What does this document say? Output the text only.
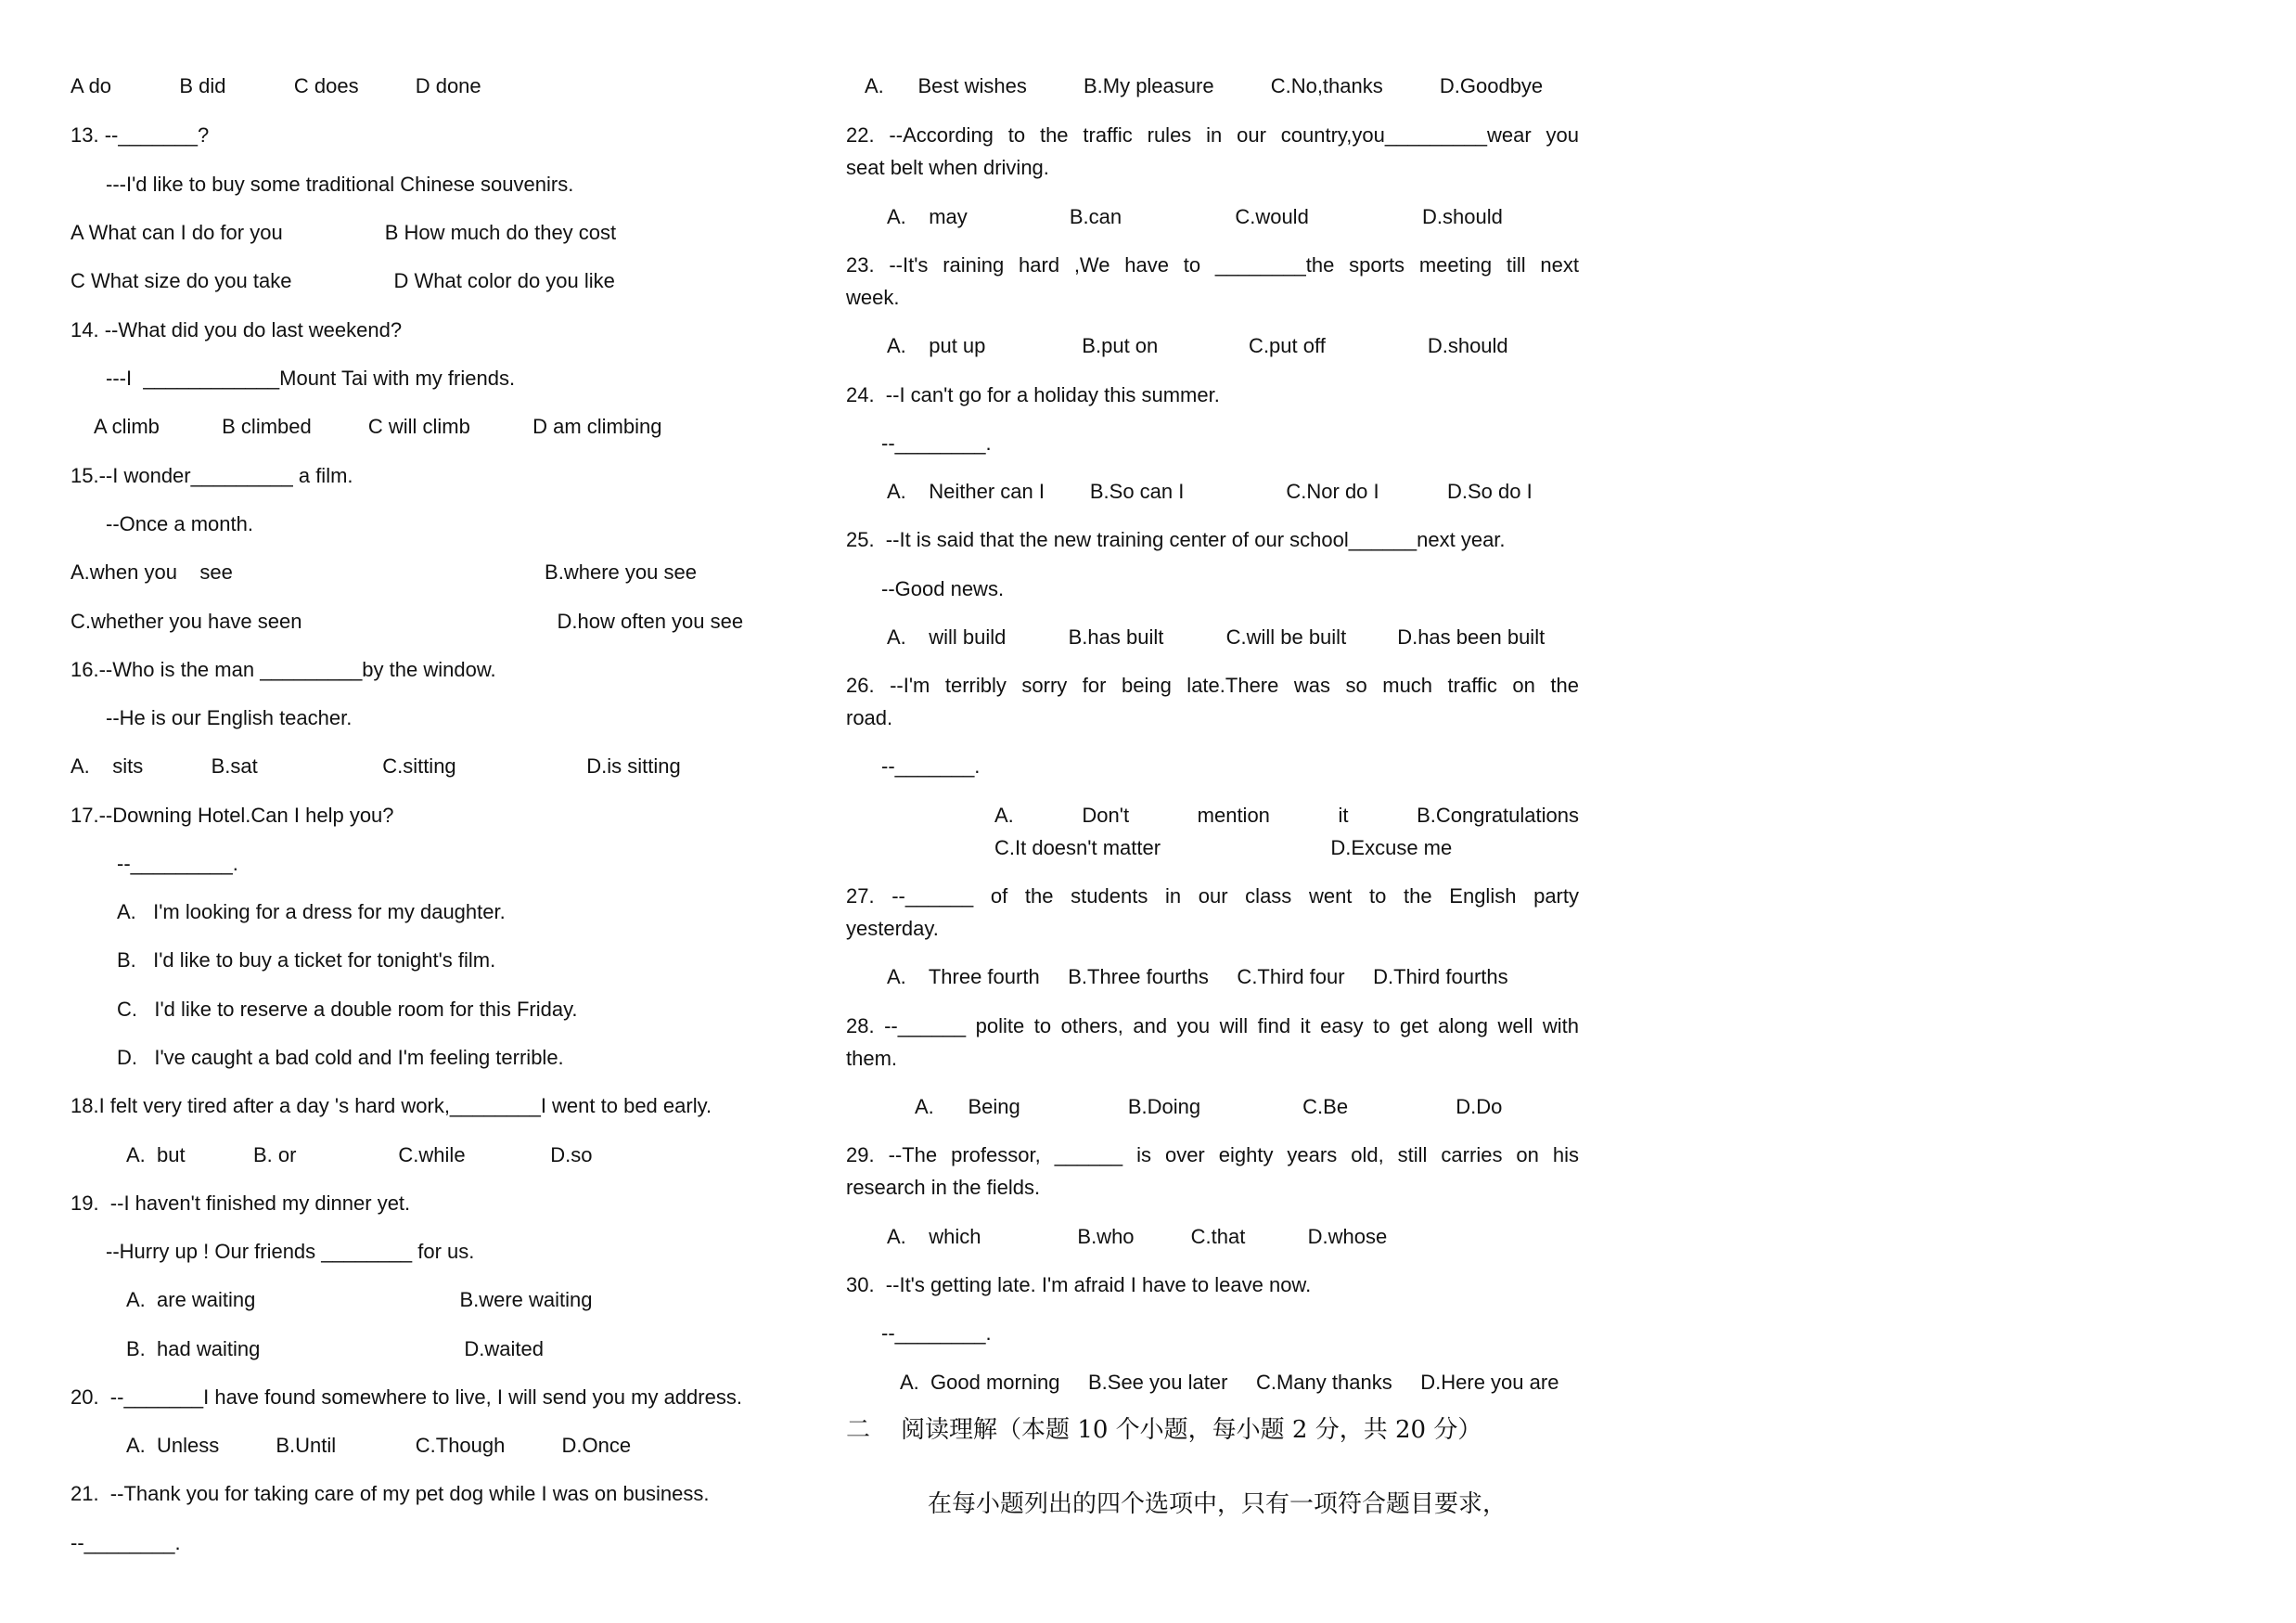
A do            B did            C does          D done
13. --_______?
---I'd like to buy some traditional Chinese souvenirs.
A What can I do for you                  B How much do they cost
C What size do you take                  D What color do you like
14. --What did you do last weekend?
---I  ____________Mount Tai with my friends.
A climb           B climbed          C will climb           D am climbing
15.--I wonder_________ a film.
--Once a month.
A.when you    see                                                       B.where you see
C.whether you have seen                                             D.how often you see
16.--Who is the man _________by the window.
--He is our English teacher.
A.    sits            B.sat                      C.sitting                       D.is sitting
17.--Downing Hotel.Can I help you?
--_________.
A.   I'm looking for a dress for my daughter.
B.   I'd like to buy a ticket for tonight's film.
C.   I'd like to reserve a double room for this Friday.
D.   I've caught a bad cold and I'm feeling terrible.
18.I felt very tired after a day 's hard work,________I went to bed early.
A.  but            B. or                  C.while               D.so
19.  --I haven't finished my dinner yet.
--Hurry up ! Our friends ________ for us.
A.  are waiting                                    B.were waiting
B.  had waiting                                    D.waited
20.  --_______I have found somewhere to live, I will send you my address.
A.  Unless          B.Until              C.Though          D.Once
21.  --Thank you for taking care of my pet dog while I was on business.
--________.
二    阅读理解（本题 10 个小题，每小题 2 分，共 20 分）
在每小题列出的四个选项中，只有一项符合题目要求，
A.      Best wishes          B.My pleasure          C.No,thanks          D.Goodbye
22. --According to the traffic rules in our country,you_________wear you
seat belt when driving.
A.    may                  B.can                    C.would                    D.should
23. --It's raining hard ,We have to ________the sports meeting till next
week.
A.    put up                 B.put on                C.put off                  D.should
24.  --I can't go for a holiday this summer.
--________.
A.    Neither can I        B.So can I                  C.Nor do I            D.So do I
25.  --It is said that the new training center of our school______next year.
--Good news.
A.    will build           B.has built           C.will be built         D.has been built
26. --I'm terribly sorry for being late.There was so much traffic on the
road.
--_______.
A. Don't mention it B.Congratulations
C.It doesn't matter                              D.Excuse me
27. --______ of the students in our class went to the English party
yesterday.
A.    Three fourth     B.Three fourths     C.Third four     D.Third fourths
28. --______ polite to others, and you will find it easy to get along well with
them.
A.      Being                   B.Doing                  C.Be                   D.Do
29. --The professor, ______ is over eighty years old, still carries on his
research in the fields.
A.    which                 B.who          C.that           D.whose
30.  --It's getting late. I'm afraid I have to leave now.
--________.
A.  Good morning     B.See you later     C.Many thanks     D.Here you are
